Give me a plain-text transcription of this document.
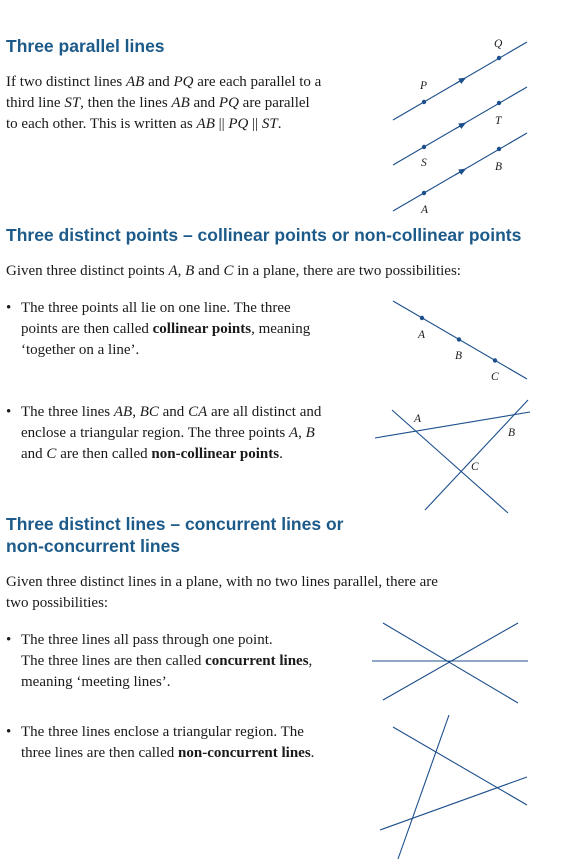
Three parallel lines

If two distinct lines AB and PQ are each parallel to a
third line ST, then the lines AB and PQ are parallel
to each other. This is written as AB || PQ || ST.

P
Q
S
T
A
B
Three distinct points – collinear points or non-collinear points

Given three distinct points A, B and C in a plane, there are two possibilities:

• The three points all lie on one line. The three
points are then called collinear points, meaning
‘together on a line’.
A
B
C
• The three lines AB, BC and CA are all distinct and
enclose a triangular region. The three points A, B
and C are then called non-collinear points.
A
B
C
Three distinct lines – concurrent lines or
non-concurrent lines

Given three distinct lines in a plane, with no two lines parallel, there are
two possibilities:

• The three lines all pass through one point.
The three lines are then called concurrent lines,
meaning ‘meeting lines’.
• The three lines enclose a triangular region. The
three lines are then called non-concurrent lines.
